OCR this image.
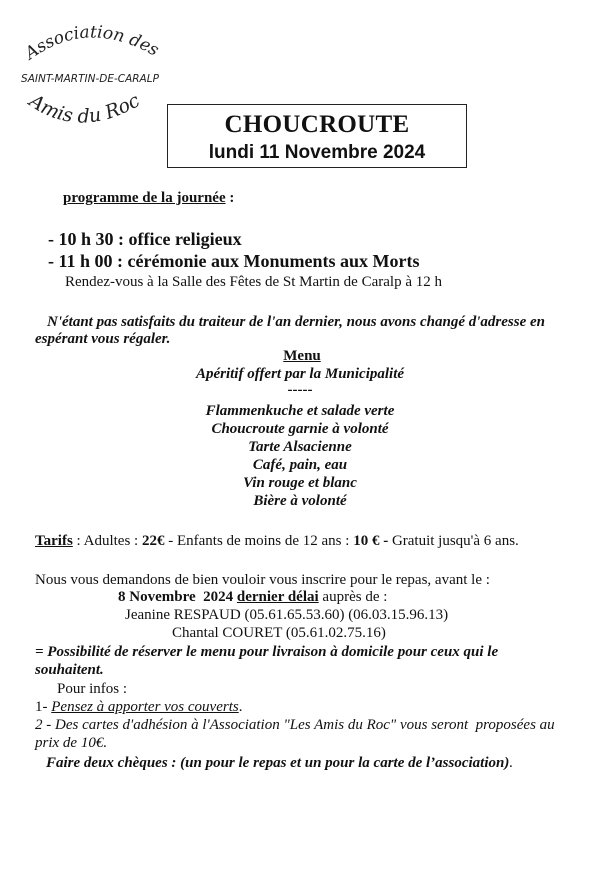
Association des
SAINT-MARTIN-DE-CARALP
Amis du Roc
CHOUCROUTE
lundi 11 Novembre 2024
programme de la journée :
- 10 h 30 : office religieux
- 11 h 00 : cérémonie aux Monuments aux Morts
Rendez-vous à la Salle des Fêtes de St Martin de Caralp à 12 h
N'étant pas satisfaits du traiteur de l'an dernier, nous avons changé d'adresse en
espérant vous régaler.
Menu
Apéritif offert par la Municipalité
-----
Flammenkuche et salade verte
Choucroute garnie à volonté
Tarte Alsacienne
Café, pain, eau
Vin rouge et blanc
Bière à volonté
Tarifs : Adultes : 22€ - Enfants de moins de 12 ans : 10 € - Gratuit jusqu'à 6 ans.
Nous vous demandons de bien vouloir vous inscrire pour le repas, avant le :
8 Novembre  2024 dernier délai auprès de :
Jeanine RESPAUD (05.61.65.53.60) (06.03.15.96.13)
Chantal COURET (05.61.02.75.16)
= Possibilité de réserver le menu pour livraison à domicile pour ceux qui le
souhaitent.
Pour infos :
1- Pensez à apporter vos couverts.
2 - Des cartes d'adhésion à l'Association "Les Amis du Roc" vous seront  proposées au
prix de 10€.
Faire deux chèques : (un pour le repas et un pour la carte de l’association).
